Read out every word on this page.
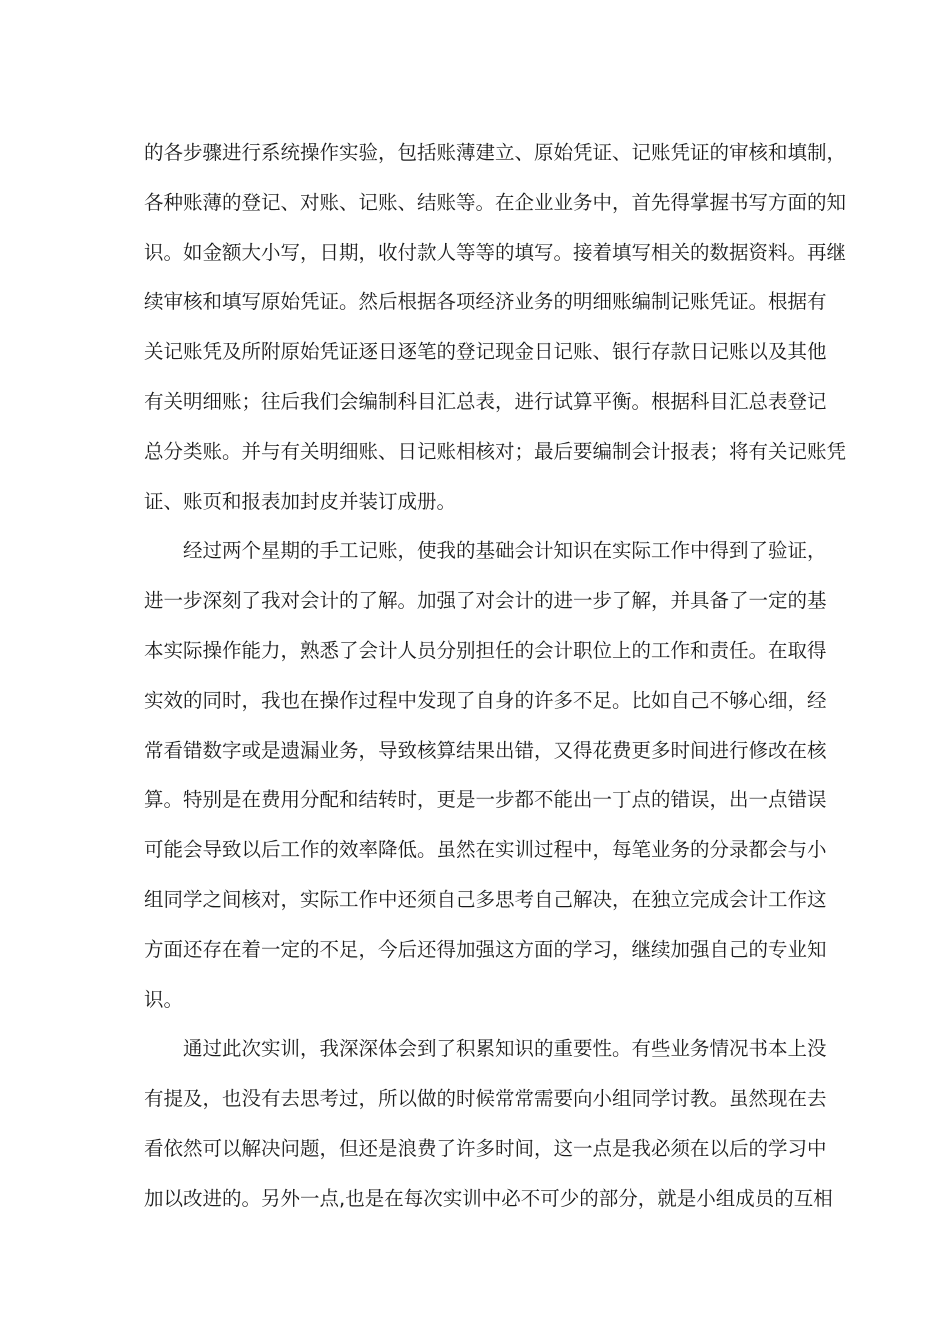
的各步骤进行系统操作实验，包括账薄建立、原始凭证、记账凭证的审核和填制，
各种账薄的登记、对账、记账、结账等。在企业业务中，首先得掌握书写方面的知
识。如金额大小写，日期，收付款人等等的填写。接着填写相关的数据资料。再继
续审核和填写原始凭证。然后根据各项经济业务的明细账编制记账凭证。根据有
关记账凭及所附原始凭证逐日逐笔的登记现金日记账、银行存款日记账以及其他
有关明细账；往后我们会编制科目汇总表，进行试算平衡。根据科目汇总表登记
总分类账。并与有关明细账、日记账相核对；最后要编制会计报表；将有关记账凭
证、账页和报表加封皮并装订成册。
经过两个星期的手工记账，使我的基础会计知识在实际工作中得到了验证，
进一步深刻了我对会计的了解。加强了对会计的进一步了解，并具备了一定的基
本实际操作能力，熟悉了会计人员分别担任的会计职位上的工作和责任。在取得
实效的同时，我也在操作过程中发现了自身的许多不足。比如自己不够心细，经
常看错数字或是遗漏业务，导致核算结果出错，又得花费更多时间进行修改在核
算。特别是在费用分配和结转时，更是一步都不能出一丁点的错误，出一点错误
可能会导致以后工作的效率降低。虽然在实训过程中，每笔业务的分录都会与小
组同学之间核对，实际工作中还须自己多思考自己解决，在独立完成会计工作这
方面还存在着一定的不足，今后还得加强这方面的学习，继续加强自己的专业知
识。
通过此次实训，我深深体会到了积累知识的重要性。有些业务情况书本上没
有提及，也没有去思考过，所以做的时候常常需要向小组同学讨教。虽然现在去
看依然可以解决问题，但还是浪费了许多时间，这一点是我必须在以后的学习中
加以改进的。另外一点,也是在每次实训中必不可少的部分，就是小组成员的互相
